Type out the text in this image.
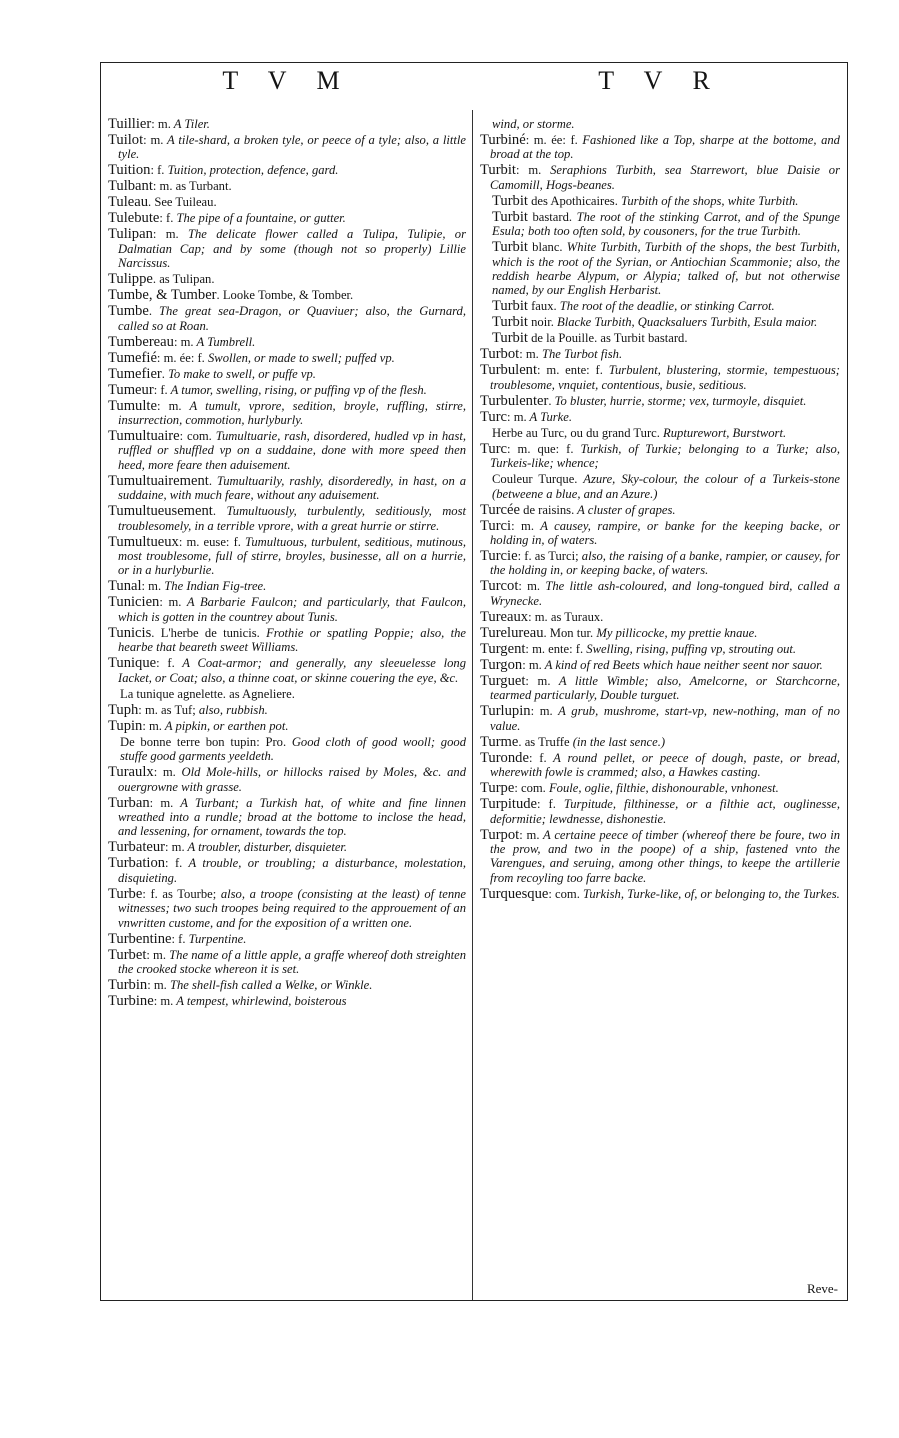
T V M	T V R

Tuillier: m. A Tiler.

Tuilot: m. A tile-shard, a broken tyle, or peece of a tyle; also, a little tyle.

Tuition: f. Tuition, protection, defence, gard.

Tulbant: m. as Turbant.

Tuleau. See Tuileau.

Tulebute: f. The pipe of a fountaine, or gutter.

Tulipan: m. The delicate flower called a Tulipa, Tulipie, or Dalmatian Cap; and by some (though not so properly) Lillie Narcissus.

Tulippe. as Tulipan.

Tumbe, & Tumber. Looke Tombe, & Tomber.

Tumbe. The great sea-Dragon, or Quaviuer; also, the Gurnard, called so at Roan.

Tumbereau: m. A Tumbrell.

Tumefié: m. ée: f. Swollen, or made to swell; puffed vp.

Tumefier. To make to swell, or puffe vp.

Tumeur: f. A tumor, swelling, rising, or puffing vp of the flesh.

Tumulte: m. A tumult, vprore, sedition, broyle, ruffling, stirre, insurrection, commotion, hurlyburly.

Tumultuaire: com. Tumultuarie, rash, disordered, hudled vp in hast, ruffled or shuffled vp on a suddaine, done with more speed then heed, more feare then aduisement.

Tumultuairement. Tumultuarily, rashly, disorderedly, in hast, on a suddaine, with much feare, without any aduisement.

Tumultueusement. Tumultuously, turbulently, seditiously, most troublesomely, in a terrible vprore, with a great hurrie or stirre.

Tumultueux: m. euse: f. Tumultuous, turbulent, seditious, mutinous, most troublesome, full of stirre, broyles, businesse, all on a hurrie, or in a hurlyburlie.

Tunal: m. The Indian Fig-tree.

Tunicien: m. A Barbarie Faulcon; and particularly, that Faulcon, which is gotten in the countrey about Tunis.

Tunicis. L'herbe de tunicis. Frothie or spatling Poppie; also, the hearbe that beareth sweet Williams.

Tunique: f. A Coat-armor; and generally, any sleeuelesse long Iacket, or Coat; also, a thinne coat, or skinne couering the eye, &c.

La tunique agnelette. as Agneliere.

Tuph: m. as Tuf; also, rubbish.

Tupin: m. A pipkin, or earthen pot.

De bonne terre bon tupin: Pro. Good cloth of good wooll; good stuffe good garments yeeldeth.

Turaulx: m. Old Mole-hills, or hillocks raised by Moles, &c. and ouergrowne with grasse.

Turban: m. A Turbant; a Turkish hat, of white and fine linnen wreathed into a rundle; broad at the bottome to inclose the head, and lessening, for ornament, towards the top.

Turbateur: m. A troubler, disturber, disquieter.

Turbation: f. A trouble, or troubling; a disturbance, molestation, disquieting.

Turbe: f. as Tourbe; also, a troope (consisting at the least) of tenne witnesses; two such troopes being required to the approuement of an vnwritten custome, and for the exposition of a written one.

Turbentine: f. Turpentine.

Turbet: m. The name of a little apple, a graffe whereof doth streighten the crooked stocke whereon it is set.

Turbin: m. The shell-fish called a Welke, or Winkle.

Turbine: m. A tempest, whirlewind, boisterous

wind, or storme.

Turbiné: m. ée: f. Fashioned like a Top, sharpe at the bottome, and broad at the top.

Turbit: m. Seraphions Turbith, sea Starrewort, blue Daisie or Camomill, Hogs-beanes.

Turbit des Apothicaires. Turbith of the shops, white Turbith.

Turbit bastard. The root of the stinking Carrot, and of the Spunge Esula; both too often sold, by cousoners, for the true Turbith.

Turbit blanc. White Turbith, Turbith of the shops, the best Turbith, which is the root of the Syrian, or Antiochian Scammonie; also, the reddish hearbe Alypum, or Alypia; talked of, but not otherwise named, by our English Herbarist.

Turbit faux. The root of the deadlie, or stinking Carrot.

Turbit noir. Blacke Turbith, Quacksaluers Turbith, Esula maior.

Turbit de la Pouille. as Turbit bastard.

Turbot: m. The Turbot fish.

Turbulent: m. ente: f. Turbulent, blustering, stormie, tempestuous; troublesome, vnquiet, contentious, busie, seditious.

Turbulenter. To bluster, hurrie, storme; vex, turmoyle, disquiet.

Turc: m. A Turke.

Herbe au Turc, ou du grand Turc. Rupturewort, Burstwort.

Turc: m. que: f. Turkish, of Turkie; belonging to a Turke; also, Turkeis-like; whence;

Couleur Turque. Azure, Sky-colour, the colour of a Turkeis-stone (betweene a blue, and an Azure.)

Turcée de raisins. A cluster of grapes.

Turci: m. A causey, rampire, or banke for the keeping backe, or holding in, of waters.

Turcie: f. as Turci; also, the raising of a banke, rampier, or causey, for the holding in, or keeping backe, of waters.

Turcot: m. The little ash-coloured, and long-tongued bird, called a Wrynecke.

Tureaux: m. as Turaux.

Turelureau. Mon tur. My pillicocke, my prettie knaue.

Turgent: m. ente: f. Swelling, rising, puffing vp, strouting out.

Turgon: m. A kind of red Beets which haue neither seent nor sauor.

Turguet: m. A little Wimble; also, Amelcorne, or Starchcorne, tearmed particularly, Double turguet.

Turlupin: m. A grub, mushrome, start-vp, new-nothing, man of no value.

Turme. as Truffe (in the last sence.)

Turonde: f. A round pellet, or peece of dough, paste, or bread, wherewith fowle is crammed; also, a Hawkes casting.

Turpe: com. Foule, oglie, filthie, dishonourable, vnhonest.

Turpitude: f. Turpitude, filthinesse, or a filthie act, ouglinesse, deformitie; lewdnesse, dishonestie.

Turpot: m. A certaine peece of timber (whereof there be foure, two in the prow, and two in the poope) of a ship, fastened vnto the Varengues, and seruing, among other things, to keepe the artillerie from recoyling too farre backe.

Turquesque: com. Turkish, Turke-like, of, or belonging to, the Turkes.

Reve-
